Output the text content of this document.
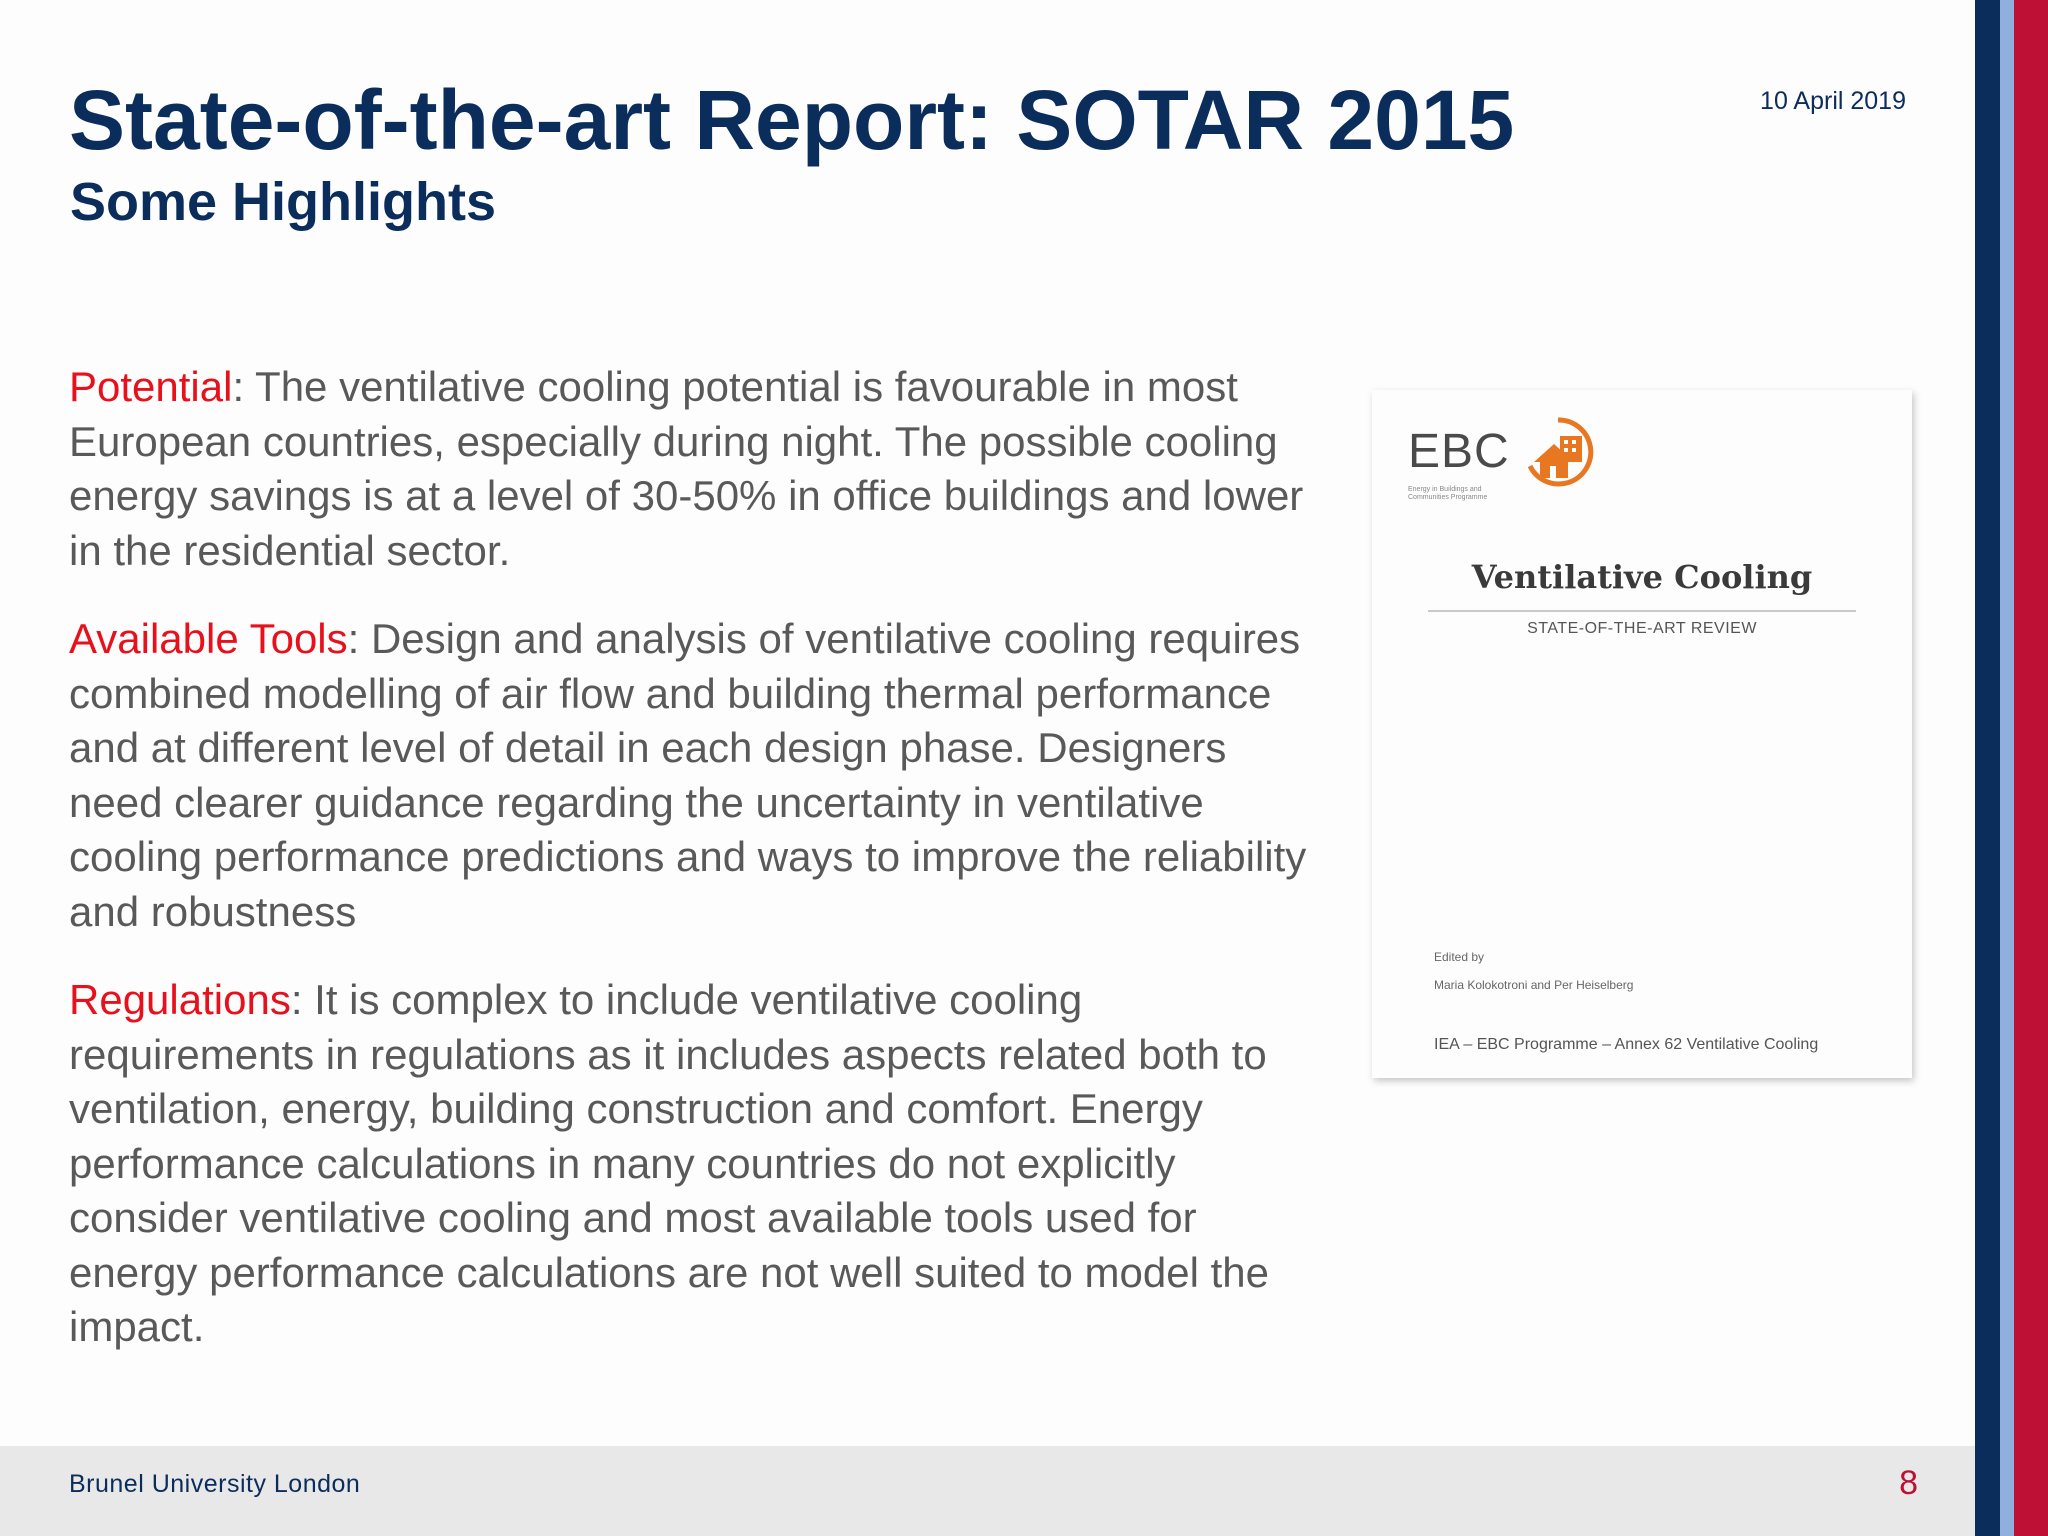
State-of-the-art Report: SOTAR 2015
Some Highlights
10 April 2019

Potential: The ventilative cooling potential is favourable in most European countries, especially during night. The possible cooling energy savings is at a level of 30-50% in office buildings and lower in the residential sector.

Available Tools: Design and analysis of ventilative cooling requires combined modelling of air flow and building thermal performance and at different level of detail in each design phase. Designers need clearer guidance regarding the uncertainty in ventilative cooling performance predictions and ways to improve the reliability and robustness

Regulations: It is complex to include ventilative cooling requirements in regulations as it includes aspects related both to ventilation, energy, building construction and comfort. Energy performance calculations in many countries do not explicitly consider ventilative cooling and most available tools used for energy performance calculations are not well suited to model the impact.

EBC
Energy in Buildings and Communities Programme
Ventilative Cooling
STATE-OF-THE-ART REVIEW
Edited by
Maria Kolokotroni and Per Heiselberg
IEA – EBC Programme – Annex 62 Ventilative Cooling
Brunel University London	8
